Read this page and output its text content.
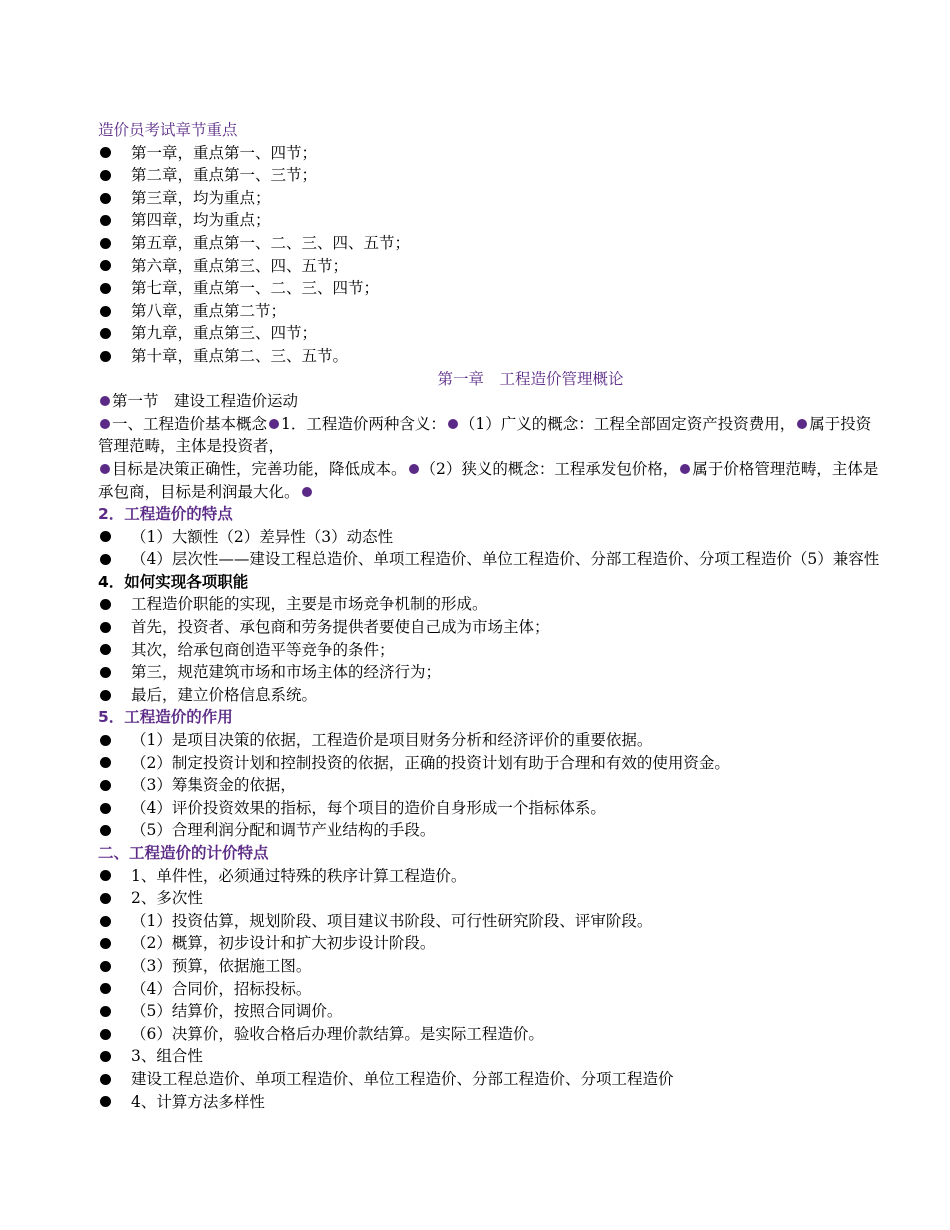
造价员考试章节重点
第一章，重点第一、四节；
第二章，重点第一、三节；
第三章，均为重点；
第四章，均为重点；
第五章，重点第一、二、三、四、五节；
第六章，重点第三、四、五节；
第七章，重点第一、二、三、四节；
第八章，重点第二节；
第九章，重点第三、四节；
第十章，重点第二、三、五节。
第一章　工程造价管理概论
第一节　建设工程造价运动
一、工程造价基本概念 1．工程造价两种含义： （1）广义的概念：工程全部固定资产投资费用， 属于投资管理范畴，主体是投资者，
目标是决策正确性，完善功能，降低成本。 （2）狭义的概念：工程承发包价格， 属于价格管理范畴，主体是承包商，目标是利润最大化。
2．工程造价的特点
（1）大额性（2）差异性（3）动态性
（4）层次性——建设工程总造价、单项工程造价、单位工程造价、分部工程造价、分项工程造价（5）兼容性
4．如何实现各项职能
工程造价职能的实现，主要是市场竞争机制的形成。
首先，投资者、承包商和劳务提供者要使自己成为市场主体；
其次，给承包商创造平等竞争的条件；
第三，规范建筑市场和市场主体的经济行为；
最后，建立价格信息系统。
5．工程造价的作用
（1）是项目决策的依据，工程造价是项目财务分析和经济评价的重要依据。
（2）制定投资计划和控制投资的依据，正确的投资计划有助于合理和有效的使用资金。
（3）筹集资金的依据，
（4）评价投资效果的指标，每个项目的造价自身形成一个指标体系。
（5）合理利润分配和调节产业结构的手段。
二、工程造价的计价特点
1、单件性，必须通过特殊的秩序计算工程造价。
2、多次性
（1）投资估算，规划阶段、项目建议书阶段、可行性研究阶段、评审阶段。
（2）概算，初步设计和扩大初步设计阶段。
（3）预算，依据施工图。
（4）合同价，招标投标。
（5）结算价，按照合同调价。
（6）决算价，验收合格后办理价款结算。是实际工程造价。
3、组合性
建设工程总造价、单项工程造价、单位工程造价、分部工程造价、分项工程造价
4、计算方法多样性
